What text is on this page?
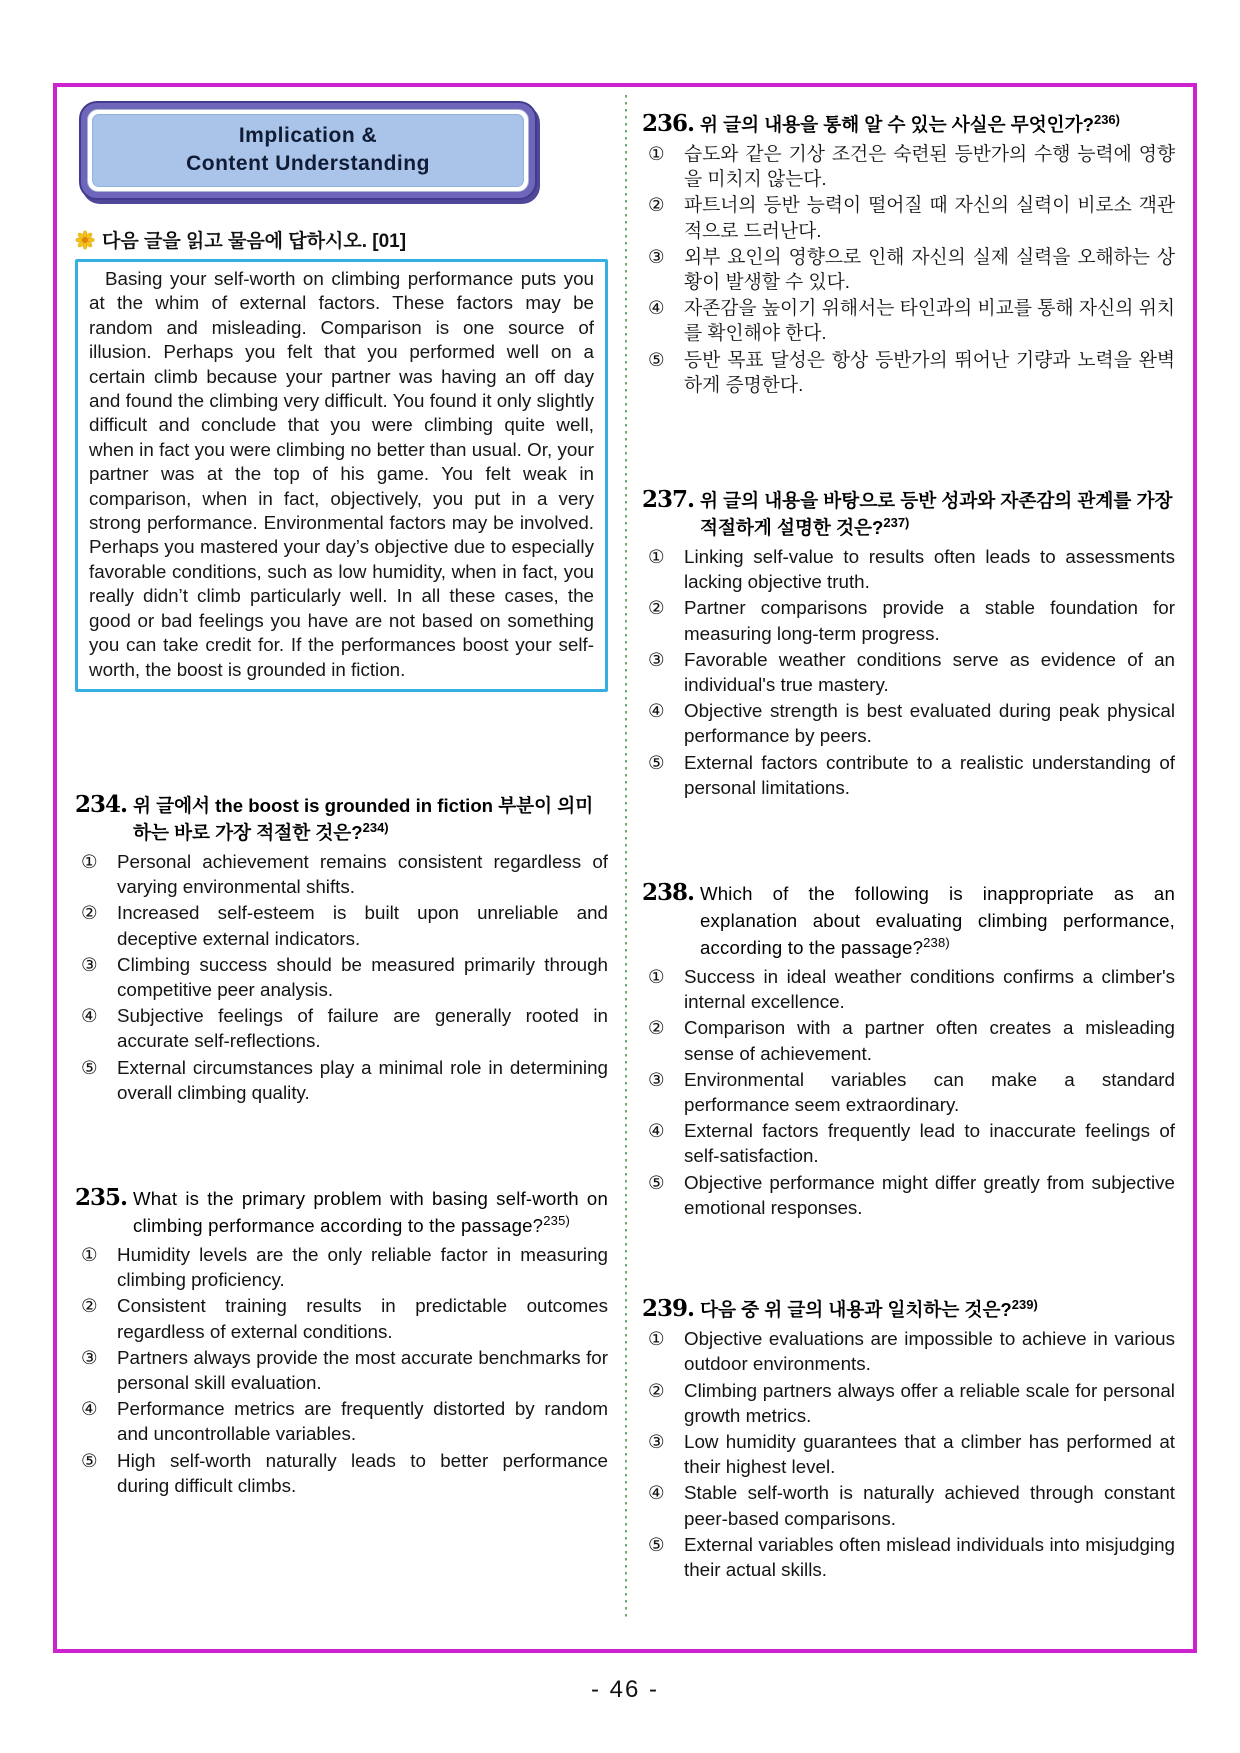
Implication &
Content Understanding
다음 글을 읽고 물음에 답하시오. [01]

Basing your self-worth on climbing performance puts you at the whim of external factors. These factors may be random and misleading. Comparison is one source of illusion. Perhaps you felt that you performed well on a certain climb because your partner was having an off day and found the climbing very difficult. You found it only slightly difficult and conclude that you were climbing quite well, when in fact you were climbing no better than usual. Or, your partner was at the top of his game. You felt weak in comparison, when in fact, objectively, you put in a very strong performance. Environmental factors may be involved. Perhaps you mastered your day’s objective due to especially favorable conditions, such as low humidity, when in fact, you really didn’t climb particularly well. In all these cases, the good or bad feelings you have are not based on something you can take credit for. If the performances boost your self-worth, the boost is grounded in fiction.

234. 위 글에서 the boost is grounded in fiction 부분이 의미하는 바로 가장 적절한 것은?$^{234)}$
①	Personal achievement remains consistent regardless of varying environmental shifts.
②	Increased self-esteem is built upon unreliable and deceptive external indicators.
③	Climbing success should be measured primarily through competitive peer analysis.
④	Subjective feelings of failure are generally rooted in accurate self-reflections.
⑤	External circumstances play a minimal role in determining overall climbing quality.
235. What is the primary problem with basing self-worth on climbing performance according to the passage?$^{235)}$
①	Humidity levels are the only reliable factor in measuring climbing proficiency.
②	Consistent training results in predictable outcomes regardless of external conditions.
③	Partners always provide the most accurate benchmarks for personal skill evaluation.
④	Performance metrics are frequently distorted by random and uncontrollable variables.
⑤	High self-worth naturally leads to better performance during difficult climbs.
236. 위 글의 내용을 통해 알 수 있는 사실은 무엇인가?$^{236)}$
①	습도와 같은 기상 조건은 숙련된 등반가의 수행 능력에 영향을 미치지 않는다.
②	파트너의 등반 능력이 떨어질 때 자신의 실력이 비로소 객관적으로 드러난다.
③	외부 요인의 영향으로 인해 자신의 실제 실력을 오해하는 상황이 발생할 수 있다.
④	자존감을 높이기 위해서는 타인과의 비교를 통해 자신의 위치를 확인해야 한다.
⑤	등반 목표 달성은 항상 등반가의 뛰어난 기량과 노력을 완벽하게 증명한다.
237. 위 글의 내용을 바탕으로 등반 성과와 자존감의 관계를 가장 적절하게 설명한 것은?$^{237)}$
①	Linking self-value to results often leads to assessments lacking objective truth.
②	Partner comparisons provide a stable foundation for measuring long-term progress.
③	Favorable weather conditions serve as evidence of an individual's true mastery.
④	Objective strength is best evaluated during peak physical performance by peers.
⑤	External factors contribute to a realistic understanding of personal limitations.
238. Which of the following is inappropriate as an explanation about evaluating climbing performance, according to the passage?$^{238)}$
①	Success in ideal weather conditions confirms a climber's internal excellence.
②	Comparison with a partner often creates a misleading sense of achievement.
③	Environmental variables can make a standard performance seem extraordinary.
④	External factors frequently lead to inaccurate feelings of self-satisfaction.
⑤	Objective performance might differ greatly from subjective emotional responses.
239. 다음 중 위 글의 내용과 일치하는 것은?$^{239)}$
①	Objective evaluations are impossible to achieve in various outdoor environments.
②	Climbing partners always offer a reliable scale for personal growth metrics.
③	Low humidity guarantees that a climber has performed at their highest level.
④	Stable self-worth is naturally achieved through constant peer-based comparisons.
⑤	External variables often mislead individuals into misjudging their actual skills.
- 46 -
